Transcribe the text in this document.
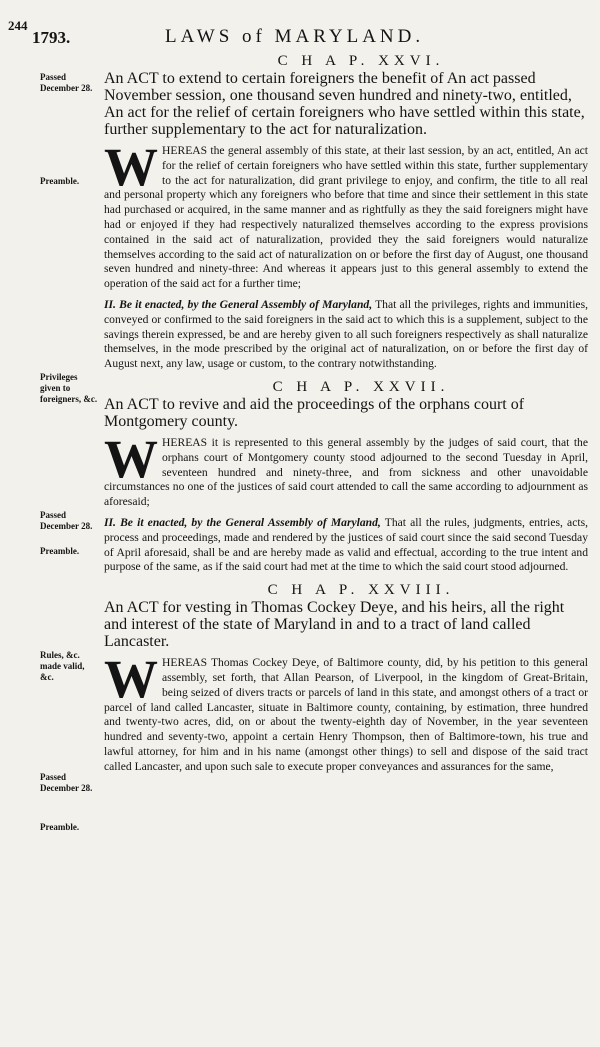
244
1793.	LAWS of MARYLAND.
Passed December 28.
Preamble.
Privileges given to foreigners, &c.
Passed December 28.
Preamble.
Rules, &c. made valid, &c.
Passed December 28.
Preamble.

C H A P. XXVI.

An ACT to extend to certain foreigners the benefit of An act passed November session, one thousand seven hundred and ninety-two, entitled, An act for the relief of certain foreigners who have settled within this state, further supplementary to the act for naturalization.

WHEREAS the general assembly of this state, at their last session, by an act, entitled, An act for the relief of certain foreigners who have settled within this state, further supplementary to the act for naturalization, did grant privilege to enjoy, and confirm, the title to all real and personal property which any foreigners who before that time and since their settlement in this state had purchased or acquired, in the same manner and as rightfully as they the said foreigners might have had or enjoyed if they had respectively naturalized themselves according to the express provisions contained in the said act of naturalization, provided they the said foreigners would naturalize themselves according to the said act of naturalization on or before the first day of August, one thousand seven hundred and ninety-three: And whereas it appears just to this general assembly to extend the operation of the said act for a further time;

II. Be it enacted, by the General Assembly of Maryland, That all the privileges, rights and immunities, conveyed or confirmed to the said foreigners in the said act to which this is a supplement, subject to the savings therein expressed, be and are hereby given to all such foreigners respectively as shall naturalize themselves, in the mode prescribed by the original act of naturalization, on or before the first day of August next, any law, usage or custom, to the contrary notwithstanding.

C H A P. XXVII.

An ACT to revive and aid the proceedings of the orphans court of Montgomery county.

WHEREAS it is represented to this general assembly by the judges of said court, that the orphans court of Montgomery county stood adjourned to the second Tuesday in April, seventeen hundred and ninety-three, and from sickness and other unavoidable circumstances no one of the justices of said court attended to call the same according to adjournment as aforesaid;

II. Be it enacted, by the General Assembly of Maryland, That all the rules, judgments, entries, acts, process and proceedings, made and rendered by the justices of said court since the said second Tuesday of April aforesaid, shall be and are hereby made as valid and effectual, according to the true intent and purpose of the same, as if the said court had met at the time to which the said court stood adjourned.

C H A P. XXVIII.

An ACT for vesting in Thomas Cockey Deye, and his heirs, all the right and interest of the state of Maryland in and to a tract of land called Lancaster.

WHEREAS Thomas Cockey Deye, of Baltimore county, did, by his petition to this general assembly, set forth, that Allan Pearson, of Liverpool, in the kingdom of Great-Britain, being seized of divers tracts or parcels of land in this state, and amongst others of a tract or parcel of land called Lancaster, situate in Baltimore county, containing, by estimation, three hundred and twenty-two acres, did, on or about the twenty-eighth day of November, in the year seventeen hundred and seventy-two, appoint a certain Henry Thompson, then of Baltimore-town, his true and lawful attorney, for him and in his name (amongst other things) to sell and dispose of the said tract called Lancaster, and upon such sale to execute proper conveyances and assurances for the same,
